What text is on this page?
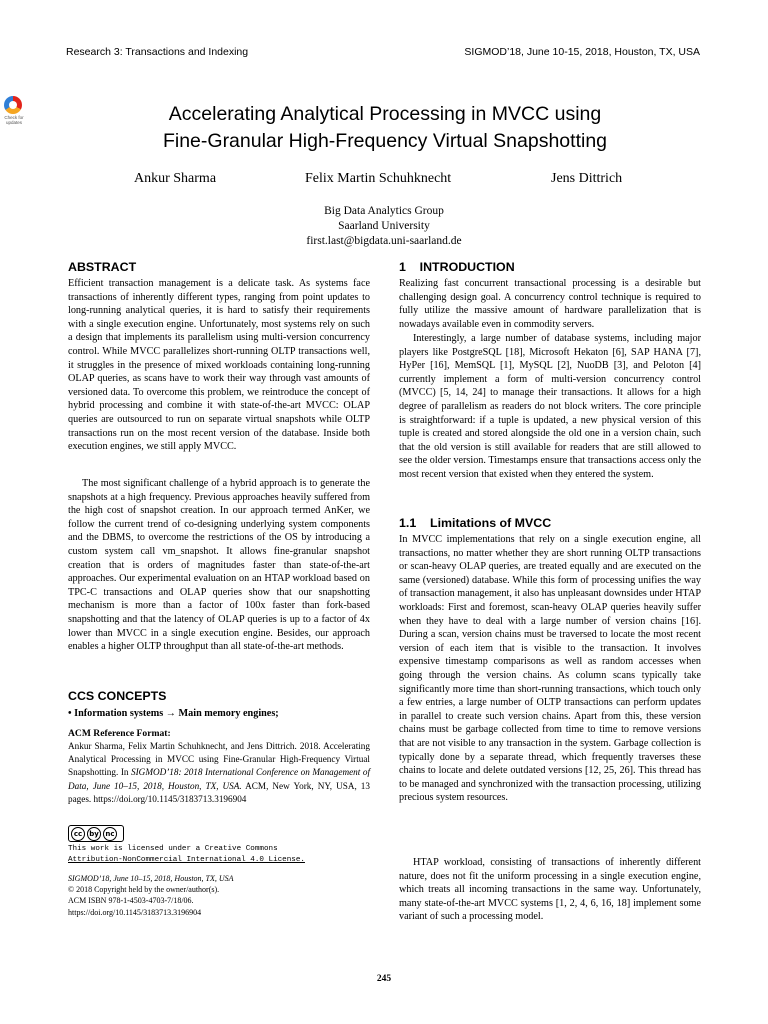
Research 3: Transactions and Indexing	SIGMOD’18, June 10-15, 2018, Houston, TX, USA
Check for updates	Accelerating Analytical Processing in MVCC using
Fine-Granular High-Frequency Virtual Snapshotting
Ankur Sharma	Felix Martin Schuhknecht	Jens Dittrich
Big Data Analytics Group
Saarland University
first.last@bigdata.uni-saarland.de
ABSTRACT

Efficient transaction management is a delicate task. As systems face transactions of inherently different types, ranging from point updates to long-running analytical queries, it is hard to satisfy their requirements with a single execution engine. Unfortunately, most systems rely on such a design that implements its parallelism using multi-version concurrency control. While MVCC parallelizes short-running OLTP transactions well, it struggles in the presence of mixed workloads containing long-running OLAP queries, as scans have to work their way through vast amounts of versioned data. To overcome this problem, we reintroduce the concept of hybrid processing and combine it with state-of-the-art MVCC: OLAP queries are outsourced to run on separate virtual snapshots while OLTP transactions run on the most recent version of the database. Inside both execution engines, we still apply MVCC.

The most significant challenge of a hybrid approach is to generate the snapshots at a high frequency. Previous approaches heavily suffered from the high cost of snapshot creation. In our approach termed AnKer, we follow the current trend of co-designing underlying system components and the DBMS, to overcome the restrictions of the OS by introducing a custom system call vm_snapshot. It allows fine-granular snapshot creation that is orders of magnitudes faster than state-of-the-art approaches. Our experimental evaluation on an HTAP workload based on TPC-C transactions and OLAP queries show that our snapshotting mechanism is more than a factor of 100x faster than fork-based snapshotting and that the latency of OLAP queries is up to a factor of 4x lower than MVCC in a single execution engine. Besides, our approach enables a higher OLTP throughput than all state-of-the-art methods.

CCS CONCEPTS
• Information systems → Main memory engines;
ACM Reference Format:
Ankur Sharma, Felix Martin Schuhknecht, and Jens Dittrich. 2018. Accelerating Analytical Processing in MVCC using Fine-Granular High-Frequency Virtual Snapshotting. In SIGMOD’18: 2018 International Conference on Management of Data, June 10–15, 2018, Houston, TX, USA. ACM, New York, NY, USA, 13 pages. https://doi.org/10.1145/3183713.3196904
cc	by nc
This work is licensed under a Creative Commons
Attribution-NonCommercial International 4.0 License.
SIGMOD’18, June 10–15, 2018, Houston, TX, USA
© 2018 Copyright held by the owner/author(s).
ACM ISBN 978-1-4503-4703-7/18/06.
https://doi.org/10.1145/3183713.3196904
1    INTRODUCTION

Realizing fast concurrent transactional processing is a desirable but challenging design goal. A concurrency control technique is required to fully utilize the massive amount of hardware parallelization that is nowadays available even in commodity servers.

Interestingly, a large number of database systems, including major players like PostgreSQL [18], Microsoft Hekaton [6], SAP HANA [7], HyPer [16], MemSQL [1], MySQL [2], NuoDB [3], and Peloton [4] currently implement a form of multi-version concurrency control (MVCC) [5, 14, 24] to manage their transactions. It allows for a high degree of parallelism as readers do not block writers. The core principle is straightforward: if a tuple is updated, a new physical version of this tuple is created and stored alongside the old one in a version chain, such that the old version is still available for readers that are still allowed to see the older version. Timestamps ensure that transactions access only the most recent version that existed when they entered the system.

1.1    Limitations of MVCC

In MVCC implementations that rely on a single execution engine, all transactions, no matter whether they are short running OLTP transactions or scan-heavy OLAP queries, are treated equally and are executed on the same (versioned) database. While this form of processing unifies the way of transaction management, it also has unpleasant downsides under HTAP workloads: First and foremost, scan-heavy OLAP queries heavily suffer when they have to deal with a large number of version chains [16]. During a scan, version chains must be traversed to locate the most recent version of each item that is visible to the transaction. It involves expensive timestamp comparisons as well as random accesses when going through the version chains. As column scans typically take significantly more time than short-running transactions, which touch only a few entries, a large number of OLTP transactions can perform updates in parallel to create such version chains. Apart from this, these version chains must be garbage collected from time to time to remove versions that are not visible to any transaction in the system. Garbage collection is typically done by a separate thread, which frequently traverses these chains to locate and delete outdated versions [12, 25, 26]. This thread has to be managed and synchronized with the transaction processing, utilizing precious system resources.

HTAP workload, consisting of transactions of inherently different nature, does not fit the uniform processing in a single execution engine, which treats all incoming transactions in the same way. Unfortunately, many state-of-the-art MVCC systems [1, 2, 4, 6, 16, 18] implement some variant of such a processing model.

245
